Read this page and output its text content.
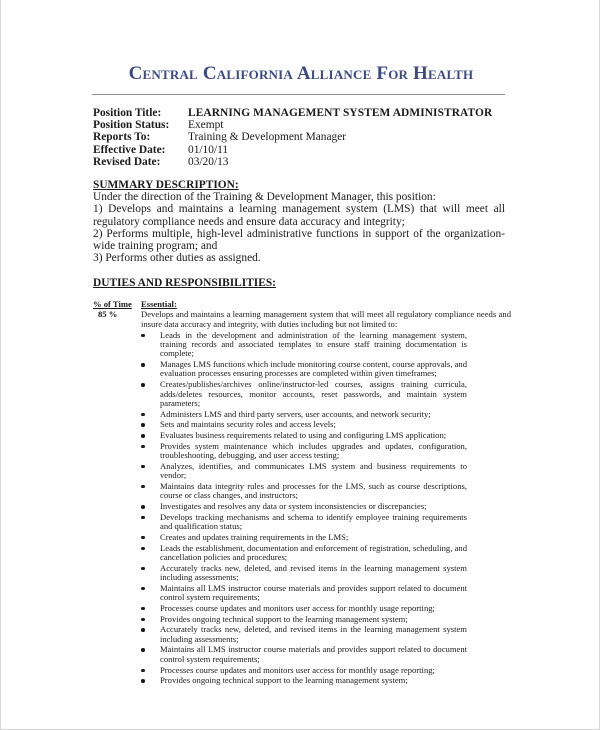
Central California Alliance For Health
Position Title:	LEARNING MANAGEMENT SYSTEM ADMINISTRATOR
Position Status:	Exempt
Reports To:	Training & Development Manager
Effective Date:	01/10/11
Revised Date:	03/20/13
SUMMARY DESCRIPTION:
Under the direction of the Training & Development Manager, this position:
1) Develops and maintains a learning management system (LMS) that will meet all regulatory compliance needs and ensure data accuracy and integrity;
2) Performs multiple, high-level administrative functions in support of the organization-wide training program; and
3) Performs other duties as assigned.
DUTIES AND RESPONSIBILITIES:
% of Time	Essential:
85 %	Develops and maintains a learning management system that will meet all regulatory compliance needs and insure data accuracy and integrity, with duties including but not limited to:
Leads in the development and administration of the learning management system, training records and associated templates to ensure staff training documentation is complete;
Manages LMS functions which include monitoring course content, course approvals, and evaluation processes ensuring processes are completed within given timeframes;
Creates/publishes/archives online/instructor-led courses, assigns training curricula, adds/deletes resources, monitor accounts, reset passwords, and maintain system parameters;
Administers LMS and third party servers, user accounts, and network security;
Sets and maintains security roles and access levels;
Evaluates business requirements related to using and configuring LMS application;
Provides system maintenance which includes upgrades and updates, configuration, troubleshooting, debugging, and user access testing;
Analyzes, identifies, and communicates LMS system and business requirements to vendor;
Maintains data integrity rules and processes for the LMS, such as course descriptions, course or class changes, and instructors;
Investigates and resolves any data or system inconsistencies or discrepancies;
Develops tracking mechanisms and schema to identify employee training requirements and qualification status;
Creates and updates training requirements in the LMS;
Leads the establishment, documentation and enforcement of registration, scheduling, and cancellation policies and procedures;
Accurately tracks new, deleted, and revised items in the learning management system including assessments;
Maintains all LMS instructor course materials and provides support related to document control system requirements;
Processes course updates and monitors user access for monthly usage reporting;
Provides ongoing technical support to the learning management system;
Accurately tracks new, deleted, and revised items in the learning management system including assessments;
Maintains all LMS instructor course materials and provides support related to document control system requirements;
Processes course updates and monitors user access for monthly usage reporting;
Provides ongoing technical support to the learning management system;
